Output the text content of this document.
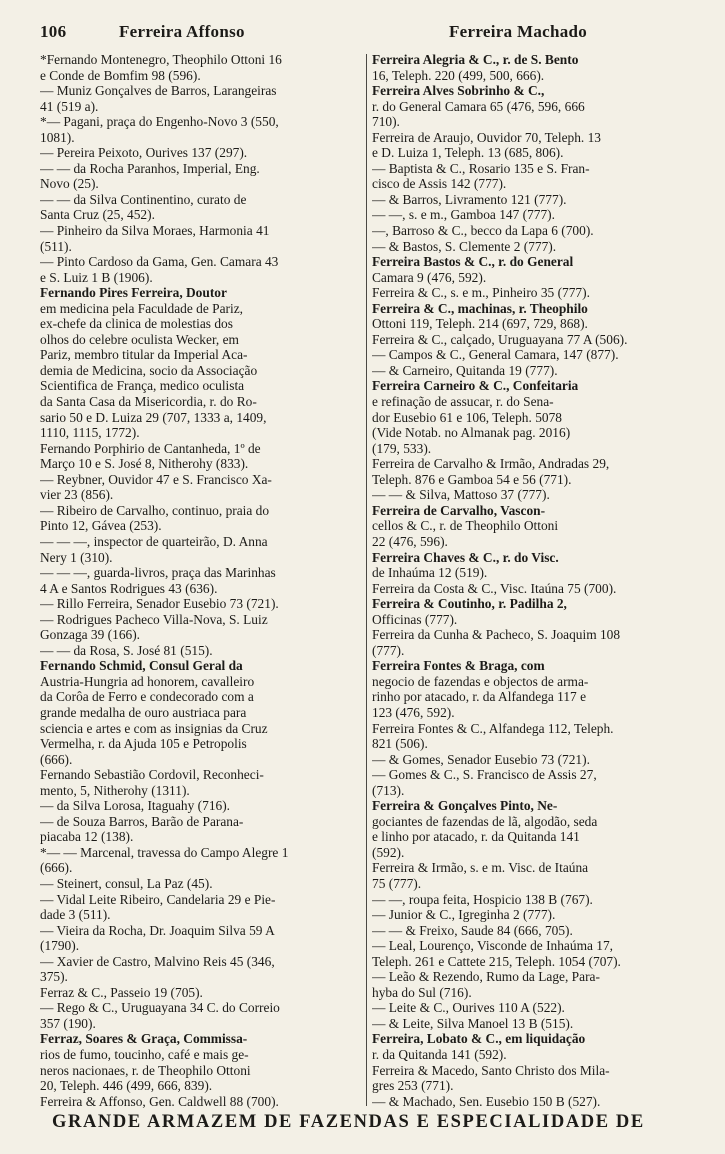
106	Ferreira Affonso	Ferreira Machado
*Fernando Montenegro, Theophilo Ottoni 16
e Conde de Bomfim 98 (596).
— Muniz Gonçalves de Barros, Larangeiras
41 (519 a).
*— Pagani, praça do Engenho-Novo 3 (550,
1081).
— Pereira Peixoto, Ourives 137 (297).
— — da Rocha Paranhos, Imperial, Eng.
Novo (25).
— — da Silva Continentino, curato de
Santa Cruz (25, 452).
— Pinheiro da Silva Moraes, Harmonia 41
(511).
— Pinto Cardoso da Gama, Gen. Camara 43
e S. Luiz 1 B (1906).
Fernando Pires Ferreira, Doutor
em medicina pela Faculdade de Pariz,
ex-chefe da clinica de molestias dos
olhos do celebre oculista Wecker, em
Pariz, membro titular da Imperial Aca-
demia de Medicina, socio da Associação
Scientifica de França, medico oculista
da Santa Casa da Misericordia, r. do Ro-
sario 50 e D. Luiza 29 (707, 1333 a, 1409,
1110, 1115, 1772).
Fernando Porphirio de Cantanheda, 1º de
Março 10 e S. José 8, Nitherohy (833).
— Reybner, Ouvidor 47 e S. Francisco Xa-
vier 23 (856).
— Ribeiro de Carvalho, continuo, praia do
Pinto 12, Gávea (253).
— — —, inspector de quarteirão, D. Anna
Nery 1 (310).
— — —, guarda-livros, praça das Marinhas
4 A e Santos Rodrigues 43 (636).
— Rillo Ferreira, Senador Eusebio 73 (721).
— Rodrigues Pacheco Villa-Nova, S. Luiz
Gonzaga 39 (166).
— — da Rosa, S. José 81 (515).
Fernando Schmid, Consul Geral da
Austria-Hungria ad honorem, cavalleiro
da Corôa de Ferro e condecorado com a
grande medalha de ouro austriaca para
sciencia e artes e com as insignias da Cruz
Vermelha, r. da Ajuda 105 e Petropolis
(666).
Fernando Sebastião Cordovil, Reconheci-
mento, 5, Nitherohy (1311).
— da Silva Lorosa, Itaguahy (716).
— de Souza Barros, Barão de Parana-
piacaba 12 (138).
*— — Marcenal, travessa do Campo Alegre 1
(666).
— Steinert, consul, La Paz (45).
— Vidal Leite Ribeiro, Candelaria 29 e Pie-
dade 3 (511).
— Vieira da Rocha, Dr. Joaquim Silva 59 A
(1790).
— Xavier de Castro, Malvino Reis 45 (346,
375).
Ferraz & C., Passeio 19 (705).
— Rego & C., Uruguayana 34 C. do Correio
357 (190).
Ferraz, Soares & Graça, Commissa-
rios de fumo, toucinho, café e mais ge-
neros nacionaes, r. de Theophilo Ottoni
20, Teleph. 446 (499, 666, 839).
Ferreira & Affonso, Gen. Caldwell 88 (700).
Ferreira Alegria & C., r. de S. Bento
16, Teleph. 220 (499, 500, 666).
Ferreira Alves Sobrinho & C.,
r. do General Camara 65 (476, 596, 666
710).
Ferreira de Araujo, Ouvidor 70, Teleph. 13
e D. Luiza 1, Teleph. 13 (685, 806).
— Baptista & C., Rosario 135 e S. Fran-
cisco de Assis 142 (777).
— & Barros, Livramento 121 (777).
— —, s. e m., Gamboa 147 (777).
—, Barroso & C., becco da Lapa 6 (700).
— & Bastos, S. Clemente 2 (777).
Ferreira Bastos & C., r. do General
Camara 9 (476, 592).
Ferreira & C., s. e m., Pinheiro 35 (777).
Ferreira & C., machinas, r. Theophilo
Ottoni 119, Teleph. 214 (697, 729, 868).
Ferreira & C., calçado, Uruguayana 77 A (506).
— Campos & C., General Camara, 147 (877).
— & Carneiro, Quitanda 19 (777).
Ferreira Carneiro & C., Confeitaria
e refinação de assucar, r. do Sena-
dor Eusebio 61 e 106, Teleph. 5078
(Vide Notab. no Almanak pag. 2016)
(179, 533).
Ferreira de Carvalho & Irmão, Andradas 29,
Teleph. 876 e Gamboa 54 e 56 (771).
— — & Silva, Mattoso 37 (777).
Ferreira de Carvalho, Vascon-
cellos & C., r. de Theophilo Ottoni
22 (476, 596).
Ferreira Chaves & C., r. do Visc.
de Inhaúma 12 (519).
Ferreira da Costa & C., Visc. Itaúna 75 (700).
Ferreira & Coutinho, r. Padilha 2,
Officinas (777).
Ferreira da Cunha & Pacheco, S. Joaquim 108
(777).
Ferreira Fontes & Braga, com
negocio de fazendas e objectos de arma-
rinho por atacado, r. da Alfandega 117 e
123 (476, 592).
Ferreira Fontes & C., Alfandega 112, Teleph.
821 (506).
— & Gomes, Senador Eusebio 73 (721).
— Gomes & C., S. Francisco de Assis 27,
(713).
Ferreira & Gonçalves Pinto, Ne-
gociantes de fazendas de lã, algodão, seda
e linho por atacado, r. da Quitanda 141
(592).
Ferreira & Irmão, s. e m. Visc. de Itaúna
75 (777).
— —, roupa feita, Hospicio 138 B (767).
— Junior & C., Igreginha 2 (777).
— — & Freixo, Saude 84 (666, 705).
— Leal, Lourenço, Visconde de Inhaúma 17,
Teleph. 261 e Cattete 215, Teleph. 1054 (707).
— Leão & Rezendo, Rumo da Lage, Para-
hyba do Sul (716).
— Leite & C., Ourives 110 A (522).
— & Leite, Silva Manoel 13 B (515).
Ferreira, Lobato & C., em liquidação
r. da Quitanda 141 (592).
Ferreira & Macedo, Santo Christo dos Mila-
gres 253 (771).
— & Machado, Sen. Eusebio 150 B (527).
GRANDE ARMAZEM DE FAZENDAS E ESPECIALIDADE DE
